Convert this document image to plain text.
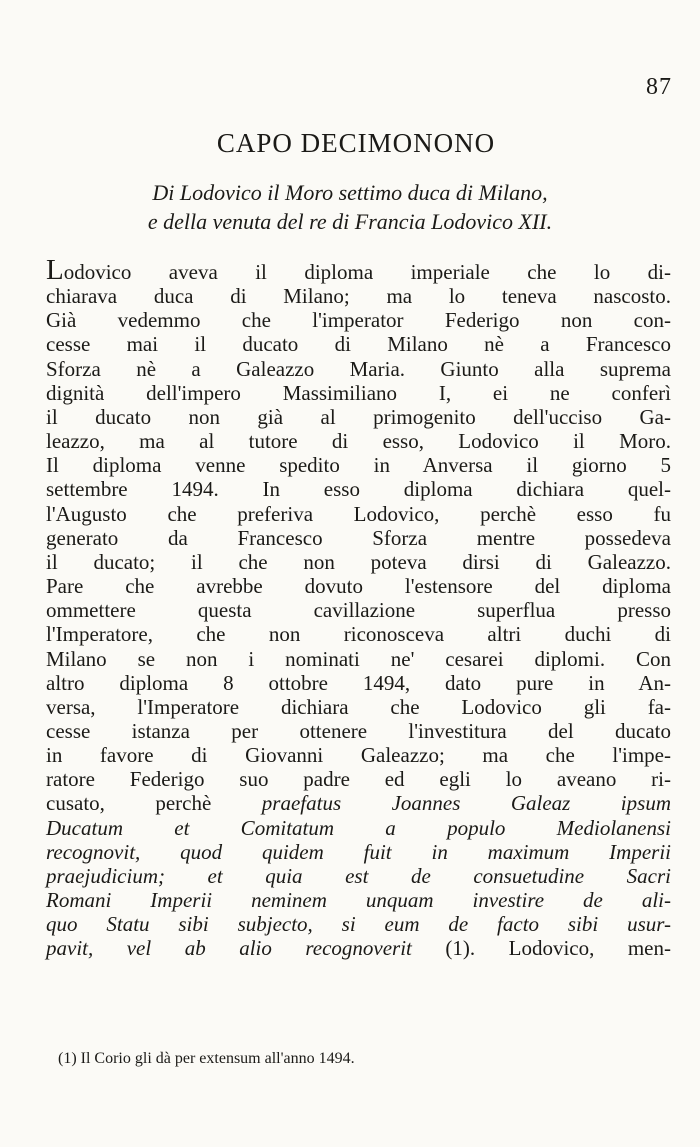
87
CAPO DECIMONONO
Di Lodovico il Moro settimo duca di Milano,
e della venuta del re di Francia Lodovico XII.
Lodovico aveva il diploma imperiale che lo di-
chiarava duca di Milano; ma lo teneva nascosto.
Già vedemmo che l'imperator Federigo non con-
cesse mai il ducato di Milano nè a Francesco
Sforza nè a Galeazzo Maria. Giunto alla suprema
dignità dell'impero Massimiliano I, ei ne conferì
il ducato non già al primogenito dell'ucciso Ga-
leazzo, ma al tutore di esso, Lodovico il Moro.
Il diploma venne spedito in Anversa il giorno 5
settembre 1494. In esso diploma dichiara quel-
l'Augusto che preferiva Lodovico, perchè esso fu
generato da Francesco Sforza mentre possedeva
il ducato; il che non poteva dirsi di Galeazzo.
Pare che avrebbe dovuto l'estensore del diploma
ommettere questa cavillazione superflua presso
l'Imperatore, che non riconosceva altri duchi di
Milano se non i nominati ne' cesarei diplomi. Con
altro diploma 8 ottobre 1494, dato pure in An-
versa, l'Imperatore dichiara che Lodovico gli fa-
cesse istanza per ottenere l'investitura del ducato
in favore di Giovanni Galeazzo; ma che l'impe-
ratore Federigo suo padre ed egli lo aveano ri-
cusato, perchè praefatus Joannes Galeaz ipsum
Ducatum et Comitatum a populo Mediolanensi
recognovit, quod quidem fuit in maximum Imperii
praejudicium; et quia est de consuetudine Sacri
Romani Imperii neminem unquam investire de ali-
quo Statu sibi subjecto, si eum de facto sibi usur-
pavit, vel ab alio recognoverit (1). Lodovico, men-
(1) Il Corio gli dà per extensum all'anno 1494.
